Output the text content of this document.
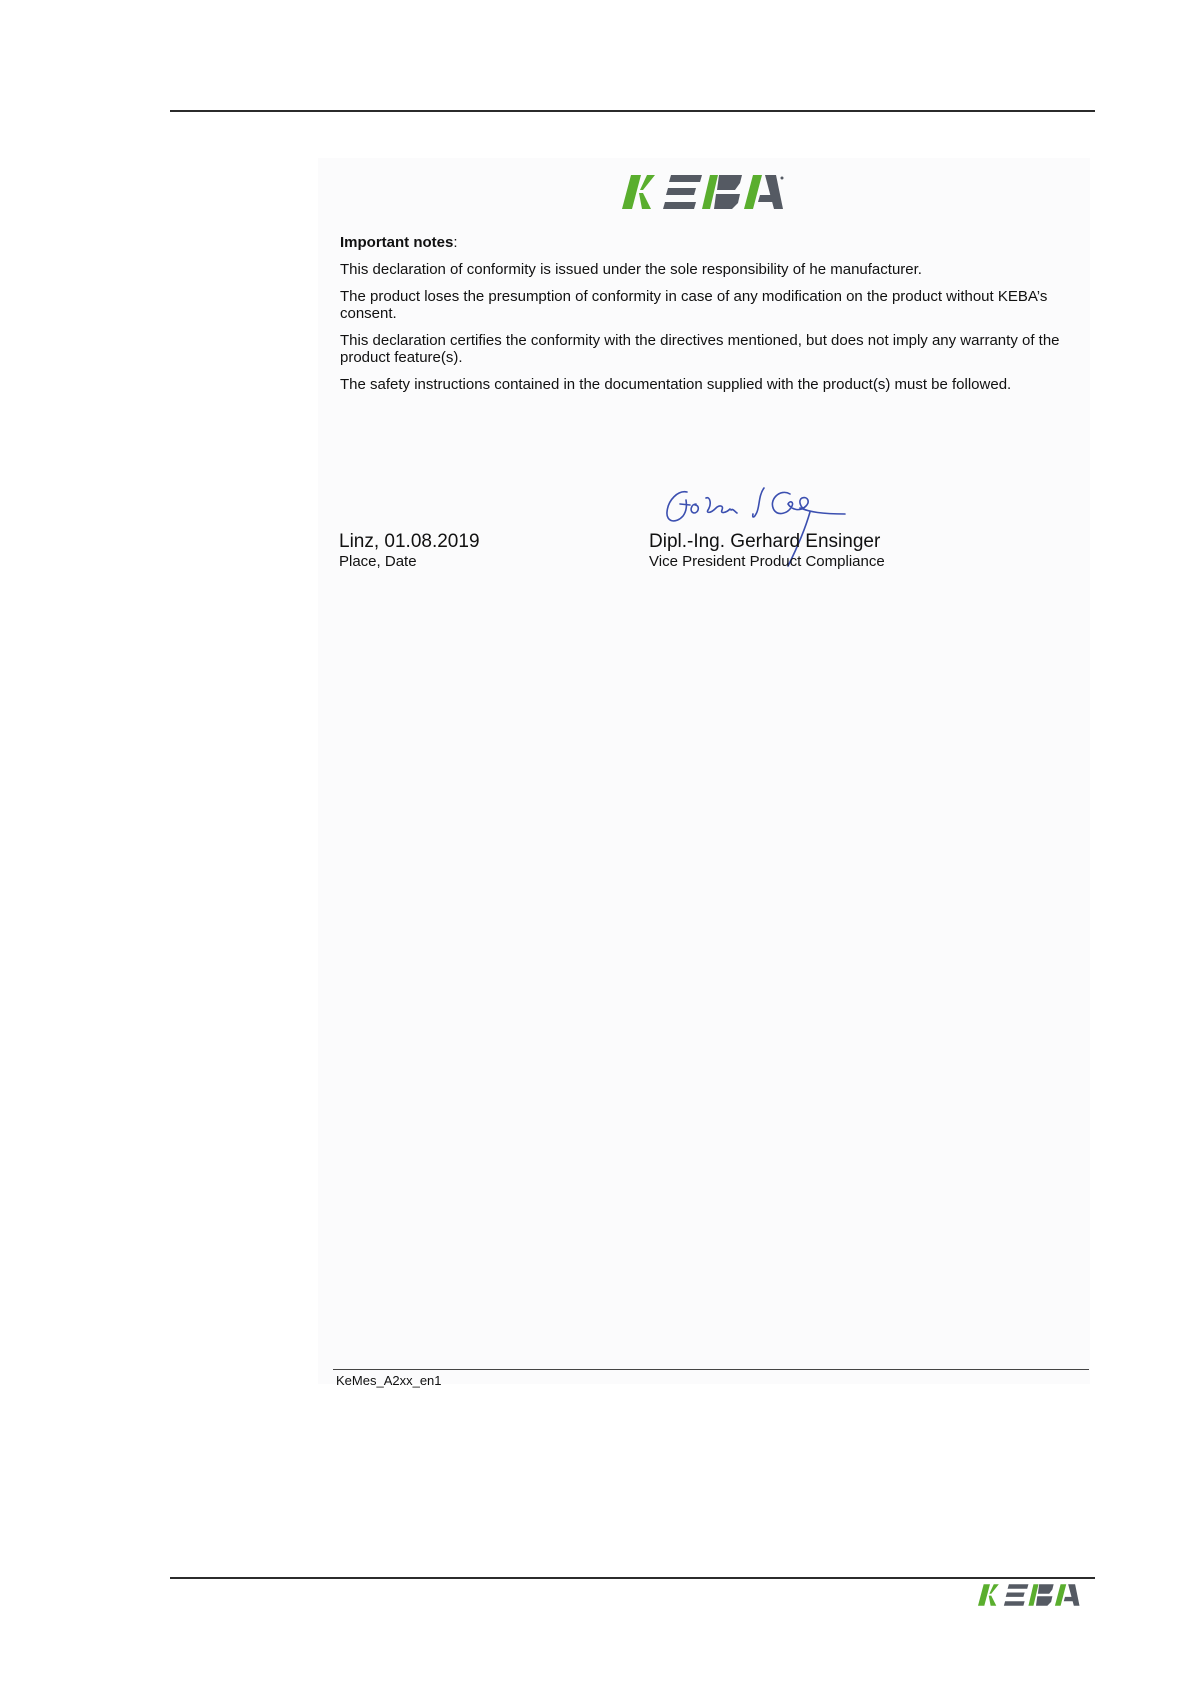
Important notes:

This declaration of conformity is issued under the sole responsibility of he manufacturer.

The product loses the presumption of conformity in case of any modification on the product without KEBA’s consent.

This declaration certifies the conformity with the directives mentioned, but does not imply any warranty of the product feature(s).

The safety instructions contained in the documentation supplied with the product(s) must be followed.

Linz, 01.08.2019
Place, Date
Dipl.-Ing. Gerhard Ensinger
Vice President Product Compliance
KeMes_A2xx_en1
